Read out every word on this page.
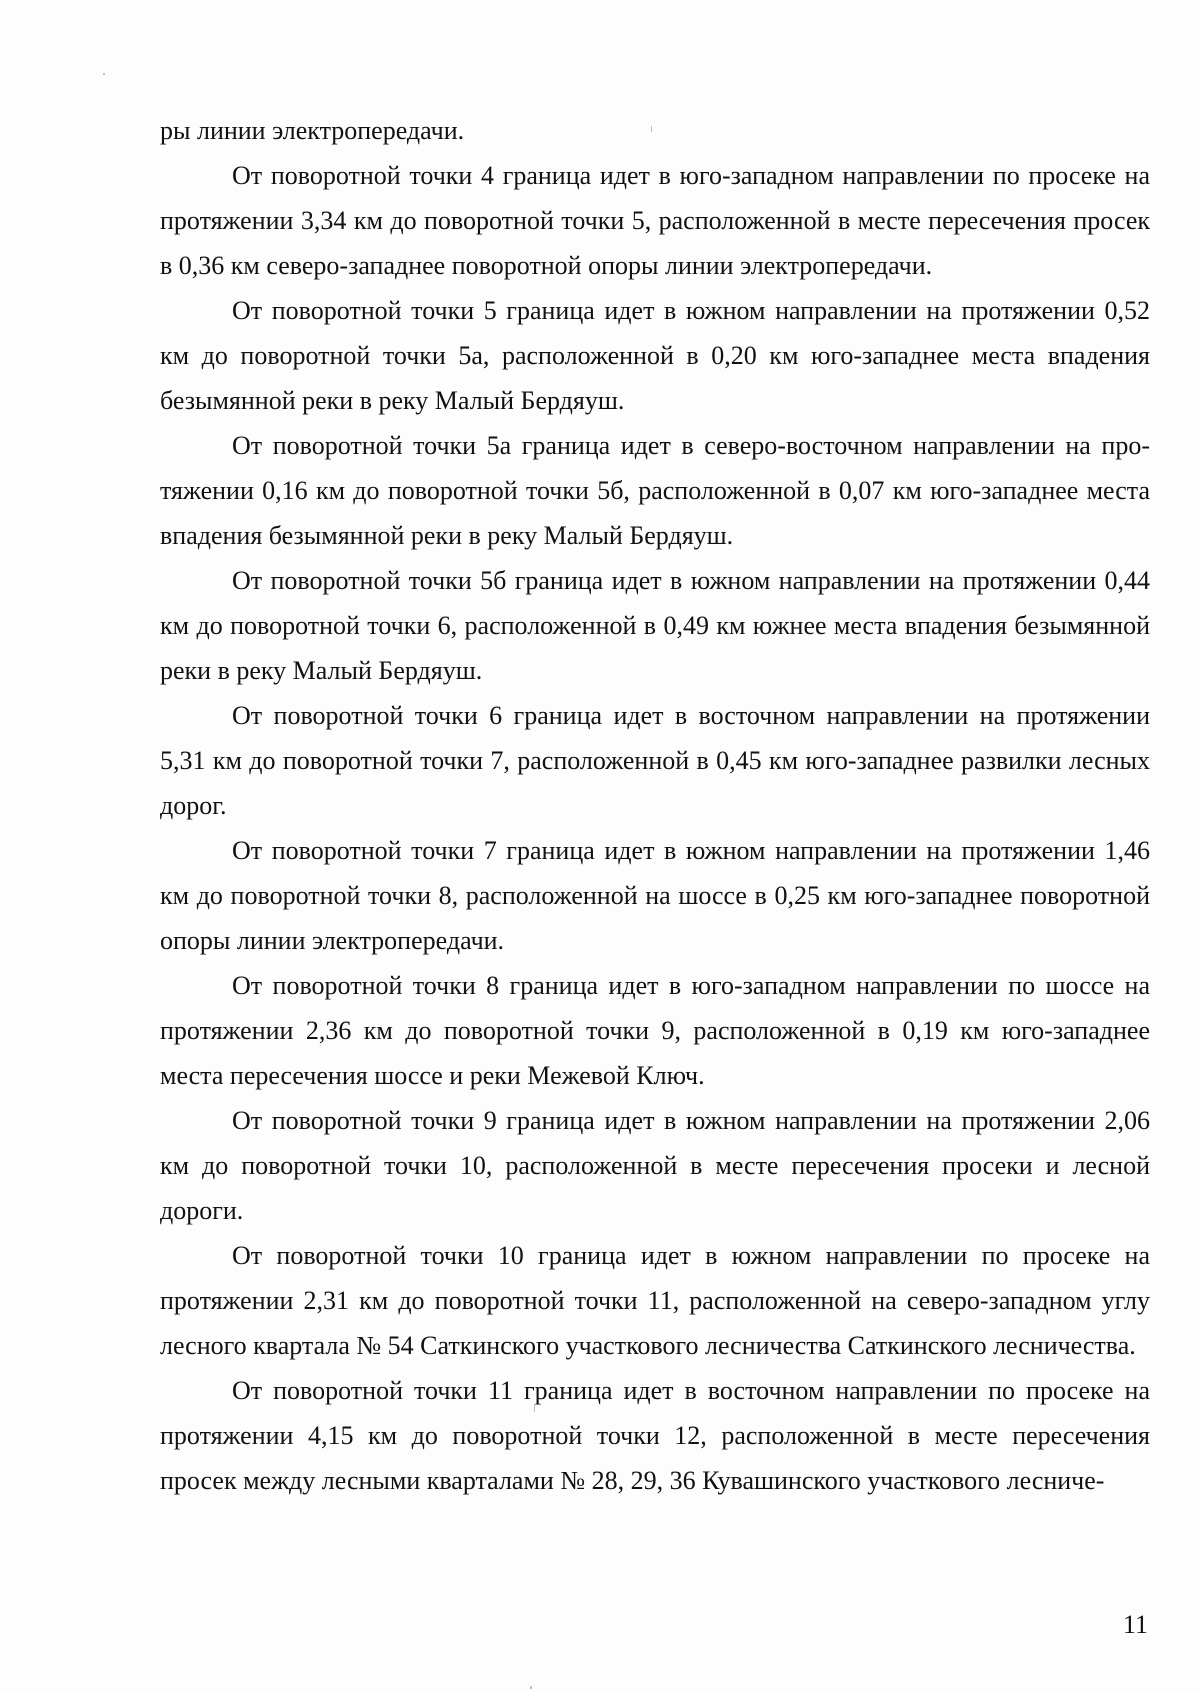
ры линии электропередачи.

От поворотной точки 4 граница идет в юго-западном направлении по просеке на протяжении 3,34 км до поворотной точки 5, расположенной в месте пересечения просек в 0,36 км северо-западнее поворотной опоры линии электропередачи.

От поворотной точки 5 граница идет в южном направлении на протяжении 0,52 км до поворотной точки 5а, расположенной в 0,20 км юго-западнее места впадения безымянной реки в реку Малый Бердяуш.

От поворотной точки 5а граница идет в северо-восточном направлении на протяжении 0,16 км до поворотной точки 5б, расположенной в 0,07 км юго-западнее места впадения безымянной реки в реку Малый Бердяуш.

От поворотной точки 5б граница идет в южном направлении на протяжении 0,44 км до поворотной точки 6, расположенной в 0,49 км южнее места впадения безымянной реки в реку Малый Бердяуш.

От поворотной точки 6 граница идет в восточном направлении на протяжении 5,31 км до поворотной точки 7, расположенной в 0,45 км юго-западнее развилки лесных дорог.

От поворотной точки 7 граница идет в южном направлении на протяжении 1,46 км до поворотной точки 8, расположенной на шоссе в 0,25 км юго-западнее поворотной опоры линии электропередачи.

От поворотной точки 8 граница идет в юго-западном направлении по шоссе на протяжении 2,36 км до поворотной точки 9, расположенной в 0,19 км юго-западнее места пересечения шоссе и реки Межевой Ключ.

От поворотной точки 9 граница идет в южном направлении на протяжении 2,06 км до поворотной точки 10, расположенной в месте пересечения просеки и лесной дороги.

От поворотной точки 10 граница идет в южном направлении по просеке на протяжении 2,31 км до поворотной точки 11, расположенной на северо-западном углу лесного квартала № 54 Саткинского участкового лесничества Саткинского лесничества.

От поворотной точки 11 граница идет в восточном направлении по просеке на протяжении 4,15 км до поворотной точки 12, расположенной в месте пересечения просек между лесными кварталами № 28, 29, 36 Кувашинского участкового лесниче-

11
